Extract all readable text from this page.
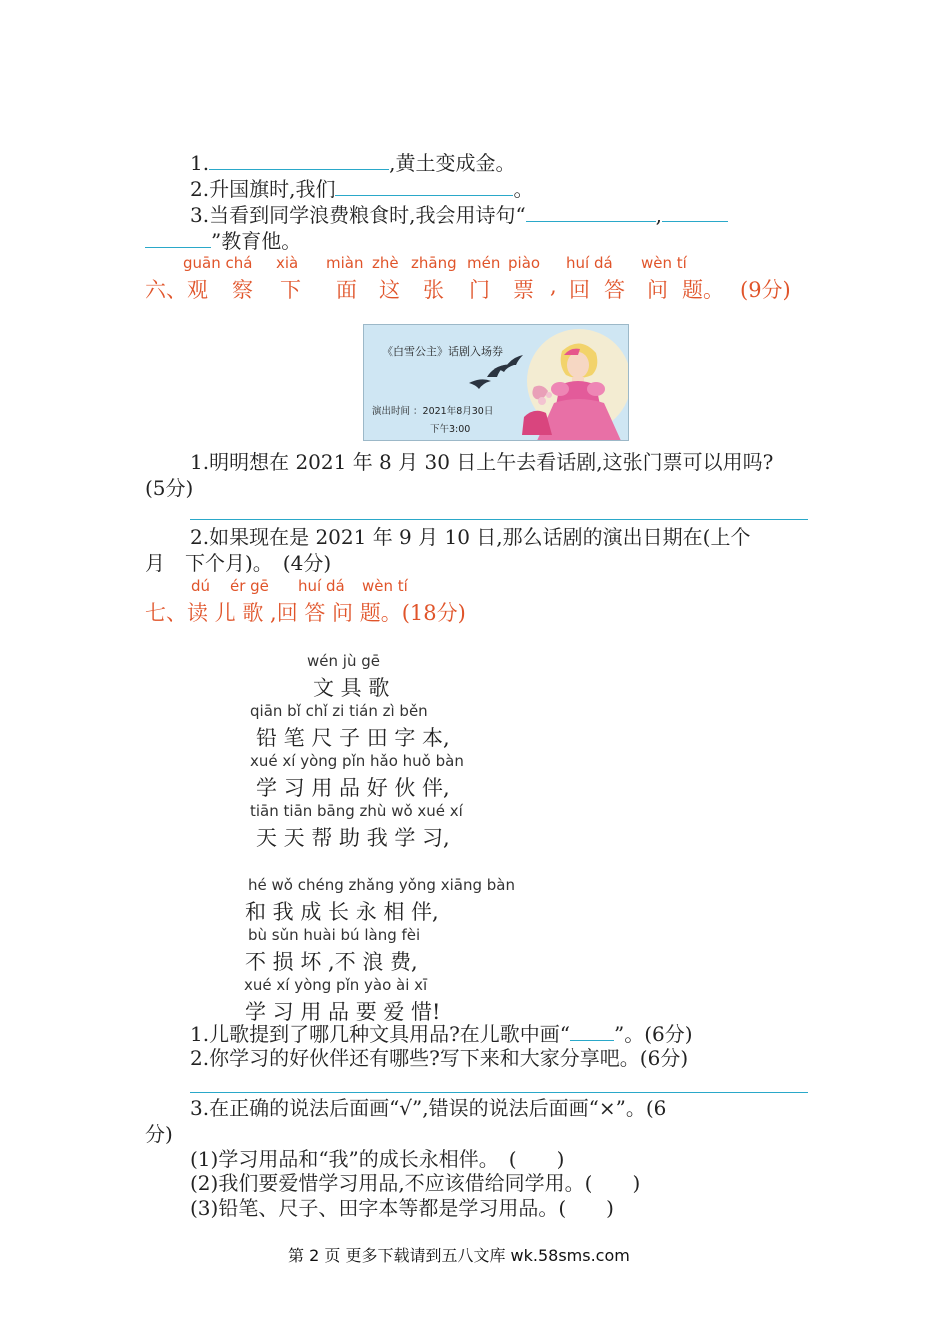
1.	,黄土变成金。
2.升国旗时,我们	。
3.当看到同学浪费粮食时,我会用诗句“	,
”教育他。
guān chá xià miàn zhè zhāng mén piào huí dá wèn tí
六、观 察 下 面 这 张 门 票 , 回 答 问 题。 (9分)
《白雪公主》话剧入场券
演出时间 ：2021年8月30日
下午3:00
1.明明想在 2021 年 8 月 30 日上午去看话剧,这张门票可以用吗?
(5分)
2.如果现在是 2021 年 9 月 10 日,那么话剧的演出日期在(上个
月　下个月)。　(4分)
dú ér gē huí dá wèn tí
七、读 儿 歌 ,回 答 问 题。(18分)
wén jù gē
文 具 歌
qiān bǐ chǐ zi tián zì běn
铅 笔 尺 子 田 字 本,
xué xí yòng pǐn hǎo huǒ bàn
学 习 用 品 好 伙 伴,
tiān tiān bāng zhù wǒ xué xí
天 天 帮 助 我 学 习,
hé wǒ chéng zhǎng yǒng xiāng bàn
和 我 成 长 永 相 伴,
bù sǔn huài bú làng fèi
不 损 坏 ,不 浪 费,
xué xí yòng pǐn yào ài xī
学 习 用 品 要 爱 惜!
1.儿歌提到了哪几种文具用品?在儿歌中画“ ”。(6分)
2.你学习的好伙伴还有哪些?写下来和大家分享吧。(6分)
3.在正确的说法后面画“√”,错误的说法后面画“×”。(6
分)
(1)学习用品和“我”的成长永相伴。　(　　)
(2)我们要爱惜学习用品,不应该借给同学用。(　　)
(3)铅笔、尺子、田字本等都是学习用品。(　　)
第 2 页 更多下载请到五八文库 wk.58sms.com
